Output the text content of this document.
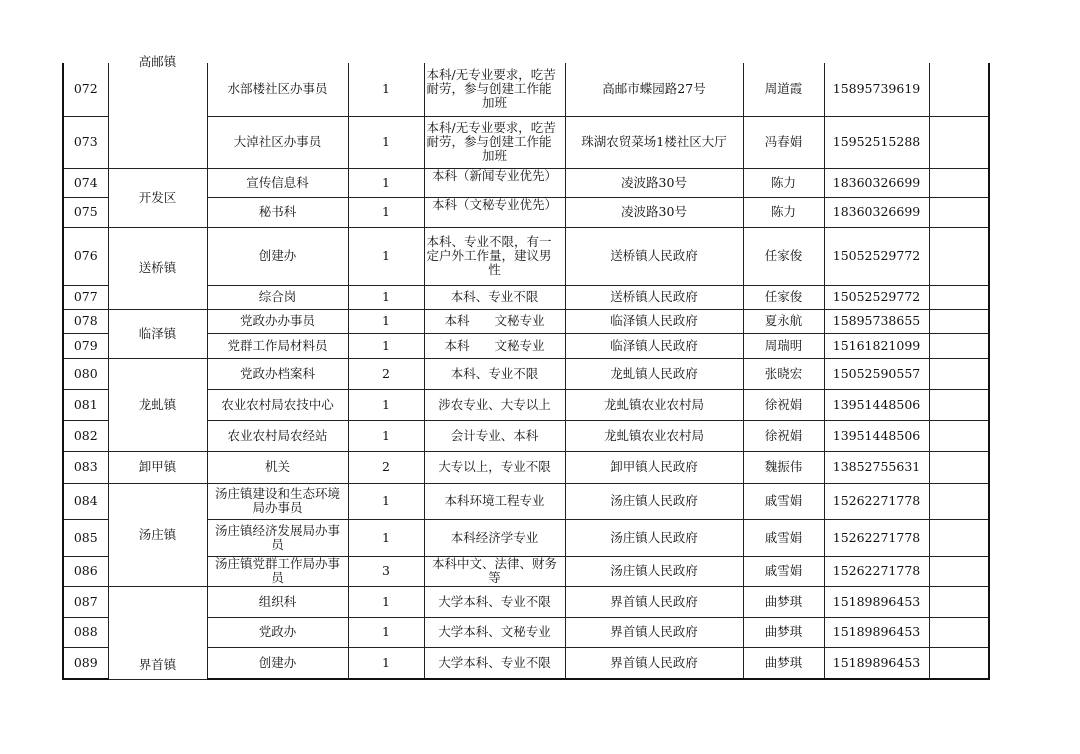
072	高邮镇	水部楼社区办事员	1	本科/无专业要求，吃苦耐劳，参与创建工作能加班	高邮市蝶园路27号	周道霞	15895739619	
073		大淖社区办事员	1	本科/无专业要求，吃苦耐劳，参与创建工作能加班	珠湖农贸菜场1楼社区大厅	冯春娟	15952515288	
074	开发区	宣传信息科	1	本科（新闻专业优先）	凌波路30号	陈力	18360326699	
075		秘书科	1	本科（文秘专业优先）	凌波路30号	陈力	18360326699	
076	送桥镇	创建办	1	本科、专业不限，有一定户外工作量，建议男性	送桥镇人民政府	任家俊	15052529772	
077		综合岗	1	本科、专业不限	送桥镇人民政府	任家俊	15052529772	
078	临泽镇	党政办办事员	1	本科　　文秘专业	临泽镇人民政府	夏永航	15895738655	
079		党群工作局材料员	1	本科　　文秘专业	临泽镇人民政府	周瑞明	15161821099	
080	龙虬镇	党政办档案科	2	本科、专业不限	龙虬镇人民政府	张晓宏	15052590557	
081		农业农村局农技中心	1	涉农专业、大专以上	龙虬镇农业农村局	徐祝娟	13951448506	
082		农业农村局农经站	1	会计专业、本科	龙虬镇农业农村局	徐祝娟	13951448506	
083	卸甲镇	机关	2	大专以上，专业不限	卸甲镇人民政府	魏振伟	13852755631	
084	汤庄镇	汤庄镇建设和生态环境局办事员	1	本科环境工程专业	汤庄镇人民政府	戚雪娟	15262271778	
085		汤庄镇经济发展局办事员	1	本科经济学专业	汤庄镇人民政府	戚雪娟	15262271778	
086		汤庄镇党群工作局办事员	3	本科中文、法律、财务等	汤庄镇人民政府	戚雪娟	15262271778	
087	界首镇	组织科	1	大学本科、专业不限	界首镇人民政府	曲梦琪	15189896453	
088		党政办	1	大学本科、文秘专业	界首镇人民政府	曲梦琪	15189896453	
089		创建办	1	大学本科、专业不限	界首镇人民政府	曲梦琪	15189896453	
